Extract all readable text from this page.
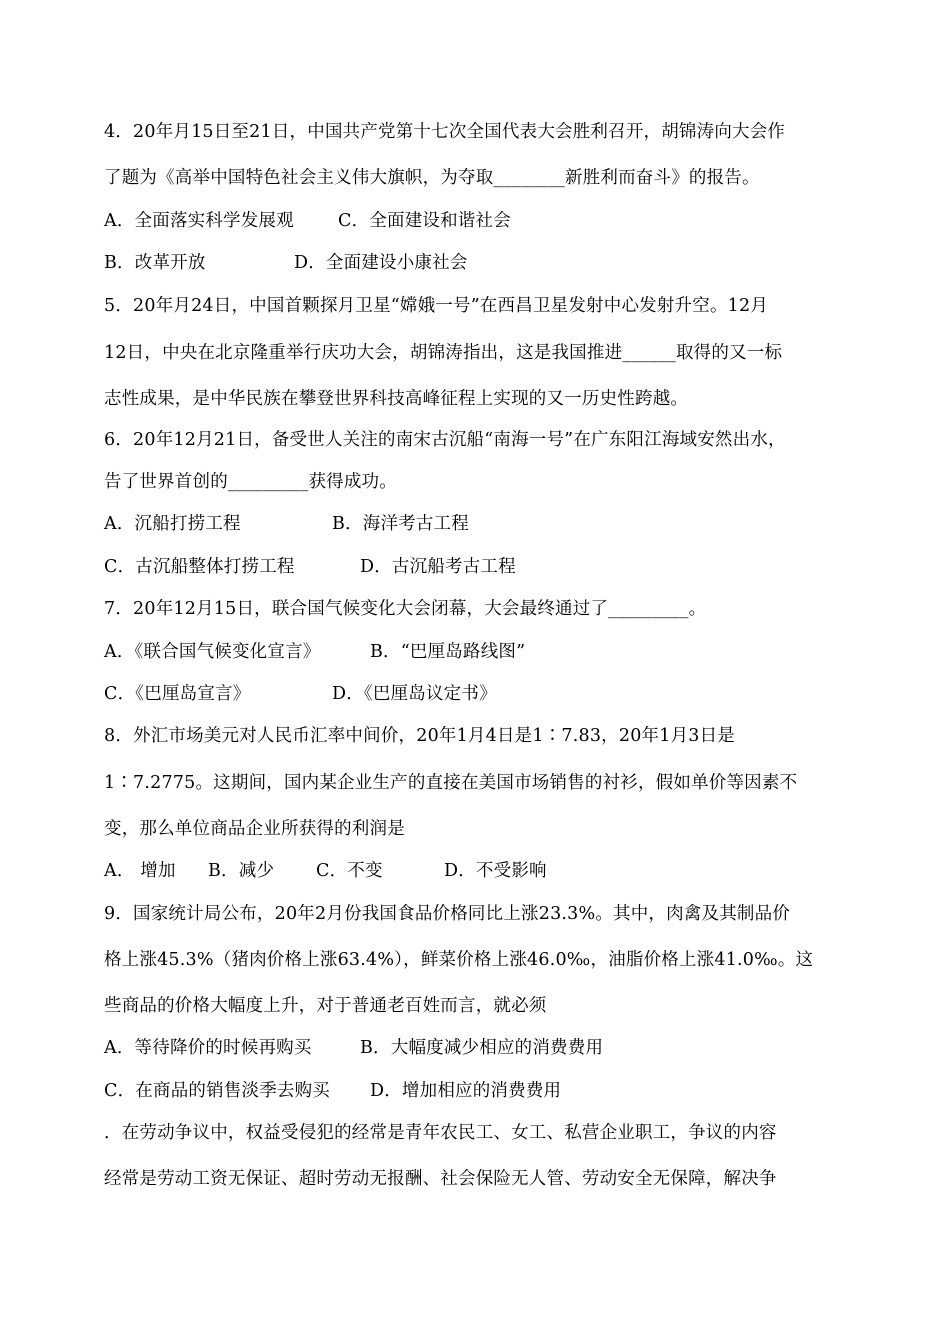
4．20年月15日至21日，中国共产党第十七次全国代表大会胜利召开，胡锦涛向大会作
了题为《高举中国特色社会主义伟大旗帜，为夺取________新胜利而奋斗》的报告。
A．全面落实科学发展观	C．全面建设和谐社会
B．改革开放	D．全面建设小康社会
5．20年月24日，中国首颗探月卫星“嫦娥一号”在西昌卫星发射中心发射升空。12月
12日，中央在北京隆重举行庆功大会，胡锦涛指出，这是我国推进______取得的又一标
志性成果，是中华民族在攀登世界科技高峰征程上实现的又一历史性跨越。
6．20年12月21日，备受世人关注的南宋古沉船“南海一号”在广东阳江海域安然出水，
告了世界首创的_________获得成功。
A．沉船打捞工程	B．海洋考古工程
C．古沉船整体打捞工程	D．古沉船考古工程
7．20年12月15日，联合国气候变化大会闭幕，大会最终通过了_________。
A．《联合国气候变化宣言》	B．“巴厘岛路线图”
C．《巴厘岛宣言》	D．《巴厘岛议定书》
8．外汇市场美元对人民币汇率中间价，20年1月4日是1∶7.83，20年1月3日是
1∶7.2775。这期间，国内某企业生产的直接在美国市场销售的衬衫，假如单价等因素不
变，那么单位商品企业所获得的利润是
A． 增加 B．减少 C．不变	D．不受影响
9．国家统计局公布，20年2月份我国食品价格同比上涨23.3%。其中，肉禽及其制品价
格上涨45.3%（猪肉价格上涨63.4%），鲜菜价格上涨46.0‰，油脂价格上涨41.0‰。这
些商品的价格大幅度上升，对于普通老百姓而言，就必须
A．等待降价的时候再购买	B．大幅度减少相应的消费费用
C．在商品的销售淡季去购买 D．增加相应的消费费用
．在劳动争议中，权益受侵犯的经常是青年农民工、女工、私营企业职工，争议的内容
经常是劳动工资无保证、超时劳动无报酬、社会保险无人管、劳动安全无保障，解决争
